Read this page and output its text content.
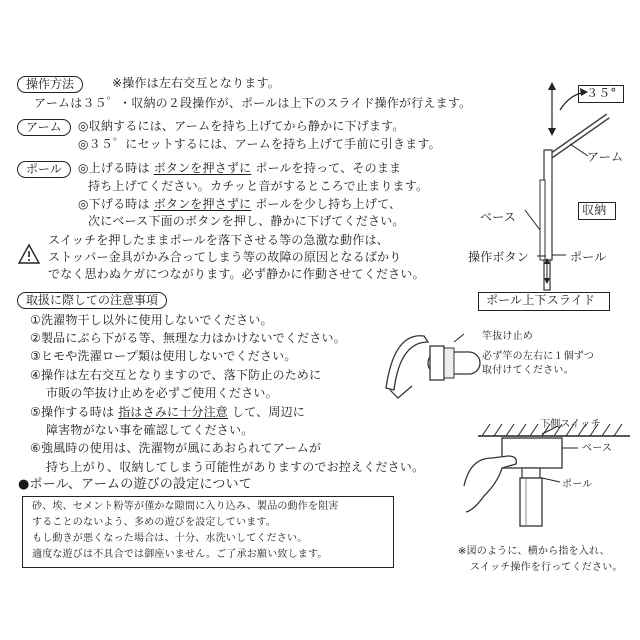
操作方法	※操作は左右交互となります。
アームは３５゜・収納の２段操作が、ポールは上下のスライド操作が行えます。
アーム	◎収納するには、アームを持ち上げてから静かに下げます。
◎３５゜にセットするには、アームを持ち上げて手前に引きます。
ポール	◎上げる時は ボタンを押さずに ポールを持って、そのまま
持ち上げてください。カチッと音がするところで止まります。
◎下げる時は ボタンを押さずに ポールを少し持ち上げて、
次にベース下面のボタンを押し、静かに下げてください。
スイッチを押したままポールを落下させる等の急激な動作は、
ストッパー金具がかみ合ってしまう等の故障の原因となるばかり
でなく思わぬケガにつながります。必ず静かに作動させてください。
３５°
アーム
収納
ベース
操作ボタン	ポール
ポール上下スライド
取扱に際しての注意事項
①洗濯物干し以外に使用しないでください。
②製品にぶら下がる等、無理な力はかけないでください。
③ヒモや洗濯ロープ類は使用しないでください。
④操作は左右交互となりますので、落下防止のために
市販の竿抜け止めを必ずご使用ください。
⑤操作する時は 指はさみに十分注意 して、周辺に
障害物がない事を確認してください。
⑥強風時の使用は、洗濯物が風にあおられてアームが
持ち上がり、収納してしまう可能性がありますのでお控えください。
竿抜け止め
必ず竿の左右に１個ずつ
取付けてください。
下側スイッチ
ベース
ポール
●ポール、アームの遊びの設定について
砂、埃、セメント粉等が僅かな隙間に入り込み、製品の動作を阻害
することのないよう、多めの遊びを設定しています。
もし動きが悪くなった場合は、十分、水洗いしてください。
適度な遊びは不具合では御座いません。ご了承お願い致します。	※図のように、横から指を入れ、
スイッチ操作を行ってください。
